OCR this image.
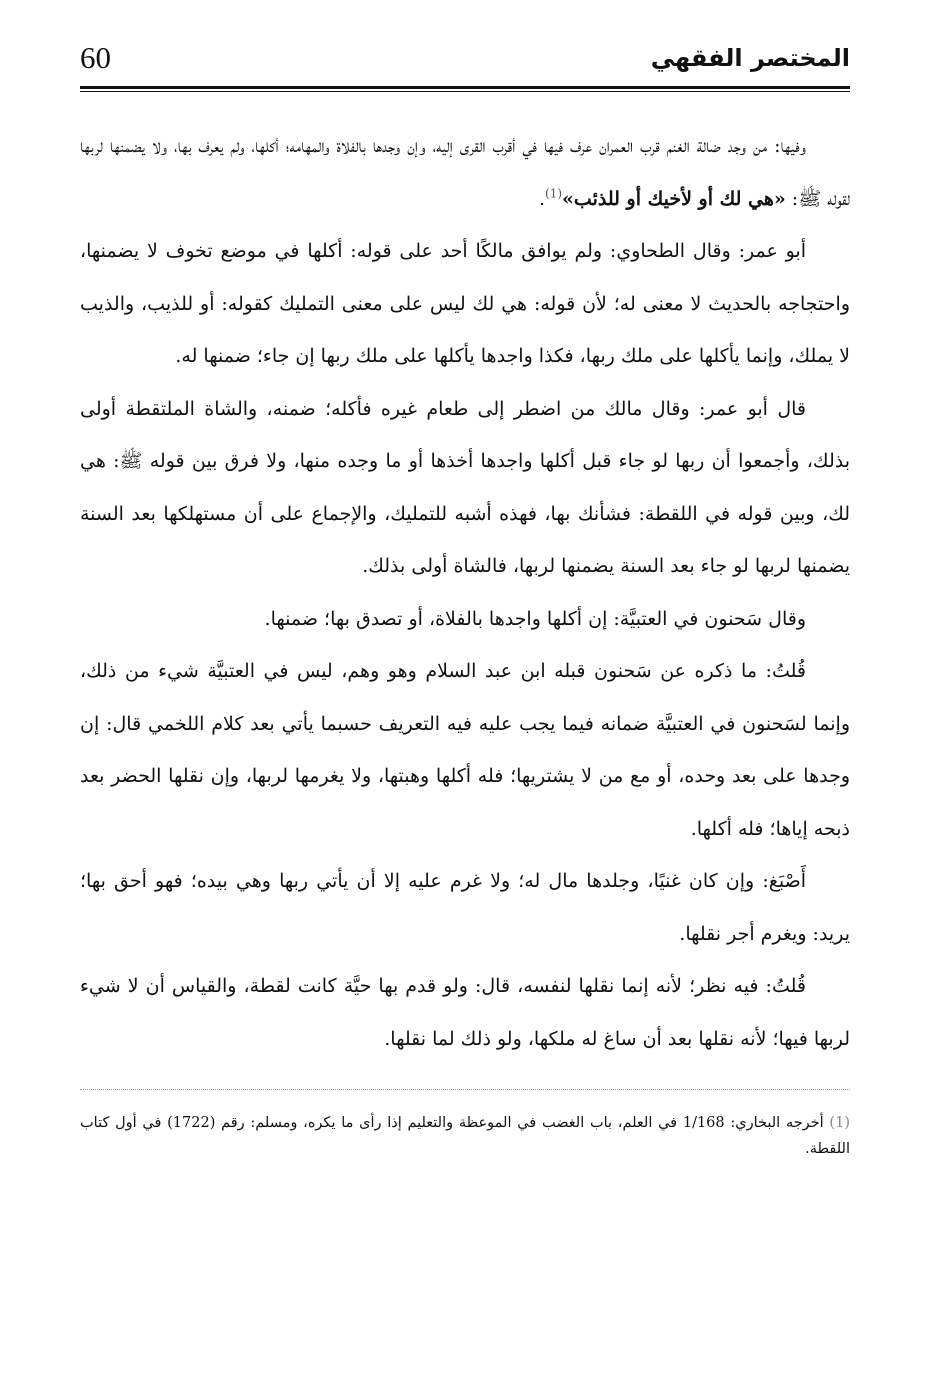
المختصر الفقهي
60

وفيها: من وجد ضالة الغنم قرب العمران عرف فيها في أقرب القرى إليه، وإن وجدها بالفلاة والمهامه؛ أكلها، ولم يعرف بها، ولا يضمنها لربها لقوله ﷺ: «هي لك أو لأخيك أو للذئب»$^{(1)}$.

أبو عمر: وقال الطحاوي: ولم يوافق مالكًا أحد على قوله: أكلها في موضع تخوف لا يضمنها، واحتجاجه بالحديث لا معنى له؛ لأن قوله: هي لك ليس على معنى التمليك كقوله: أو للذيب، والذيب لا يملك، وإنما يأكلها على ملك ربها، فكذا واجدها يأكلها على ملك ربها إن جاء؛ ضمنها له.

قال أبو عمر: وقال مالك من اضطر إلى طعام غيره فأكله؛ ضمنه، والشاة الملتقطة أولى بذلك، وأجمعوا أن ربها لو جاء قبل أكلها واجدها أخذها أو ما وجده منها، ولا فرق بين قوله ﷺ: هي لك، وبين قوله في اللقطة: فشأنك بها، فهذه أشبه للتمليك، والإجماع على أن مستهلكها بعد السنة يضمنها لربها لو جاء بعد السنة يضمنها لربها، فالشاة أولى بذلك.

وقال سَحنون في العتبيَّة: إن أكلها واجدها بالفلاة، أو تصدق بها؛ ضمنها.

قُلتُ: ما ذكره عن سَحنون قبله ابن عبد السلام وهو وهم، ليس في العتبيَّة شيء من ذلك، وإنما لسَحنون في العتبيَّة ضمانه فيما يجب عليه فيه التعريف حسبما يأتي بعد كلام اللخمي قال: إن وجدها على بعد وحده، أو مع من لا يشتريها؛ فله أكلها وهبتها، ولا يغرمها لربها، وإن نقلها الحضر بعد ذبحه إياها؛ فله أكلها.

أَصْبَغ: وإن كان غنيًا، وجلدها مال له؛ ولا غرم عليه إلا أن يأتي ربها وهي بيده؛ فهو أحق بها؛ يريد: ويغرم أجر نقلها.

قُلتُ: فيه نظر؛ لأنه إنما نقلها لنفسه، قال: ولو قدم بها حيَّة كانت لقطة، والقياس أن لا شيء لربها فيها؛ لأنه نقلها بعد أن ساغ له ملكها، ولو ذلك لما نقلها.

(1) أخرجه البخاري: 1/168 في العلم، باب الغضب في الموعظة والتعليم إذا رأى ما يكره، ومسلم: رقم (1722) في أول كتاب اللقطة.
